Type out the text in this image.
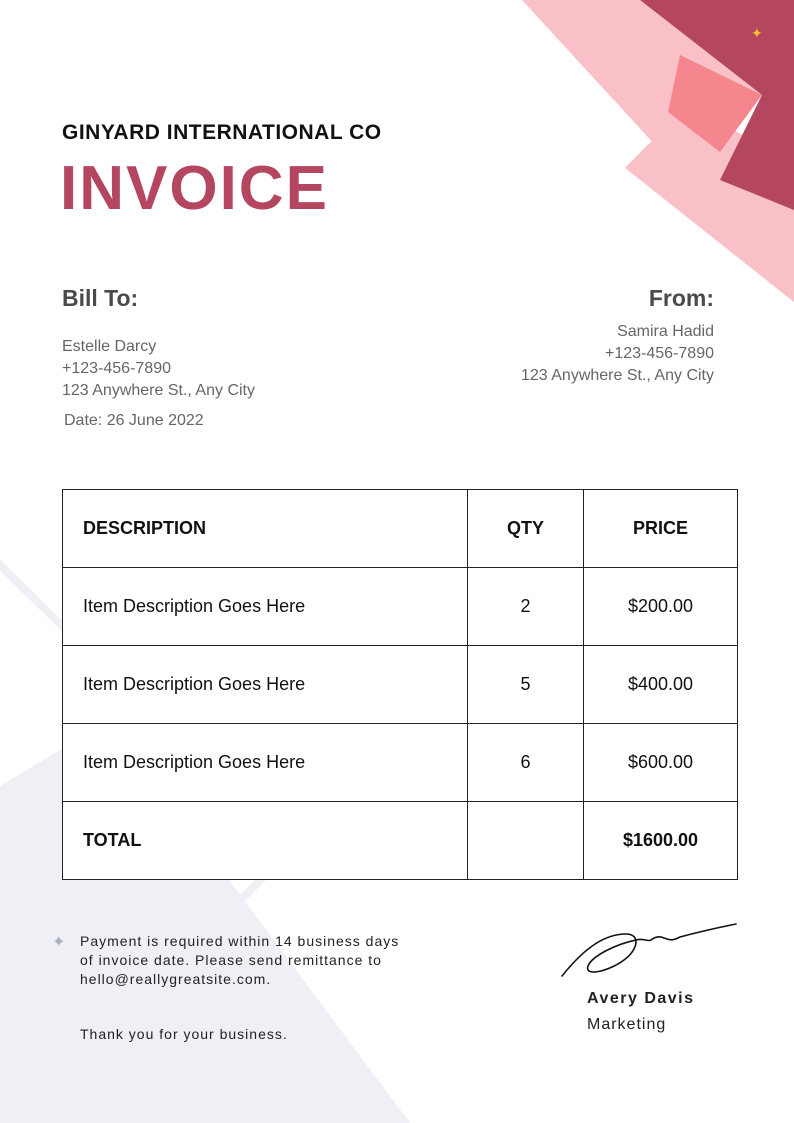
✦
GINYARD INTERNATIONAL CO
INVOICE
Bill To:
Estelle Darcy
+123-456-7890
123 Anywhere St., Any City
From:
Samira Hadid
+123-456-7890
123 Anywhere St., Any City
Date: 26 June 2022
DESCRIPTION	QTY	PRICE
Item Description Goes Here	2	$200.00
Item Description Goes Here	5	$400.00
Item Description Goes Here	6	$600.00
TOTAL		$1600.00
✦ Payment is required within 14 business days of invoice date. Please send remittance to hello@reallygreatsite.com.
Thank you for your business.
Avery Davis
Marketing
